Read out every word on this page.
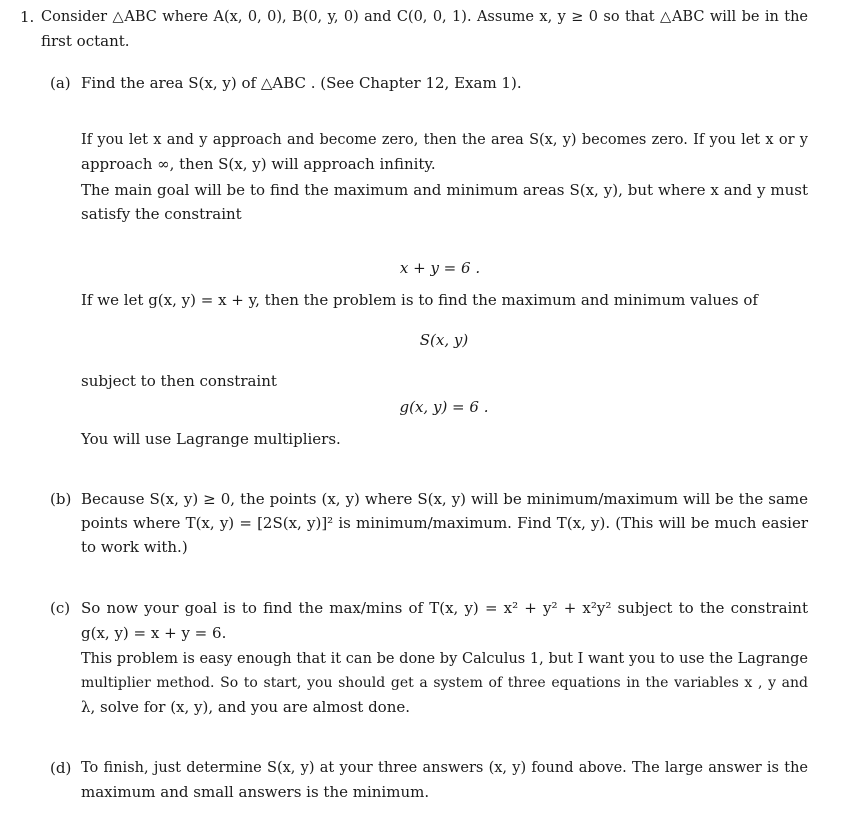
1. Consider △ABC where A(x, 0, 0), B(0, y, 0) and C(0, 0, 1). Assume x, y ≥ 0 so that △ABC will be in the
first octant.
(a) Find the area S(x, y) of △ABC . (See Chapter 12, Exam 1).
If you let x and y approach and become zero, then the area S(x, y) becomes zero. If you let x or y
approach ∞, then S(x, y) will approach infinity.
The main goal will be to find the maximum and minimum areas S(x, y), but where x and y must
satisfy the constraint
x + y = 6 .
If we let g(x, y) = x + y, then the problem is to find the maximum and minimum values of
S(x, y)
subject to then constraint
g(x, y) = 6 .
You will use Lagrange multipliers.
(b) Because S(x, y) ≥ 0, the points (x, y) where S(x, y) will be minimum/maximum will be the same
points where T(x, y) = [2S(x, y)]² is minimum/maximum. Find T(x, y). (This will be much easier
to work with.)
(c) So now your goal is to find the max/mins of T(x, y) = x² + y² + x²y² subject to the constraint
g(x, y) = x + y = 6.
This problem is easy enough that it can be done by Calculus 1, but I want you to use the Lagrange
multiplier method. So to start, you should get a system of three equations in the variables x , y and
λ, solve for (x, y), and you are almost done.
(d) To finish, just determine S(x, y) at your three answers (x, y) found above. The large answer is the
maximum and small answers is the minimum.
